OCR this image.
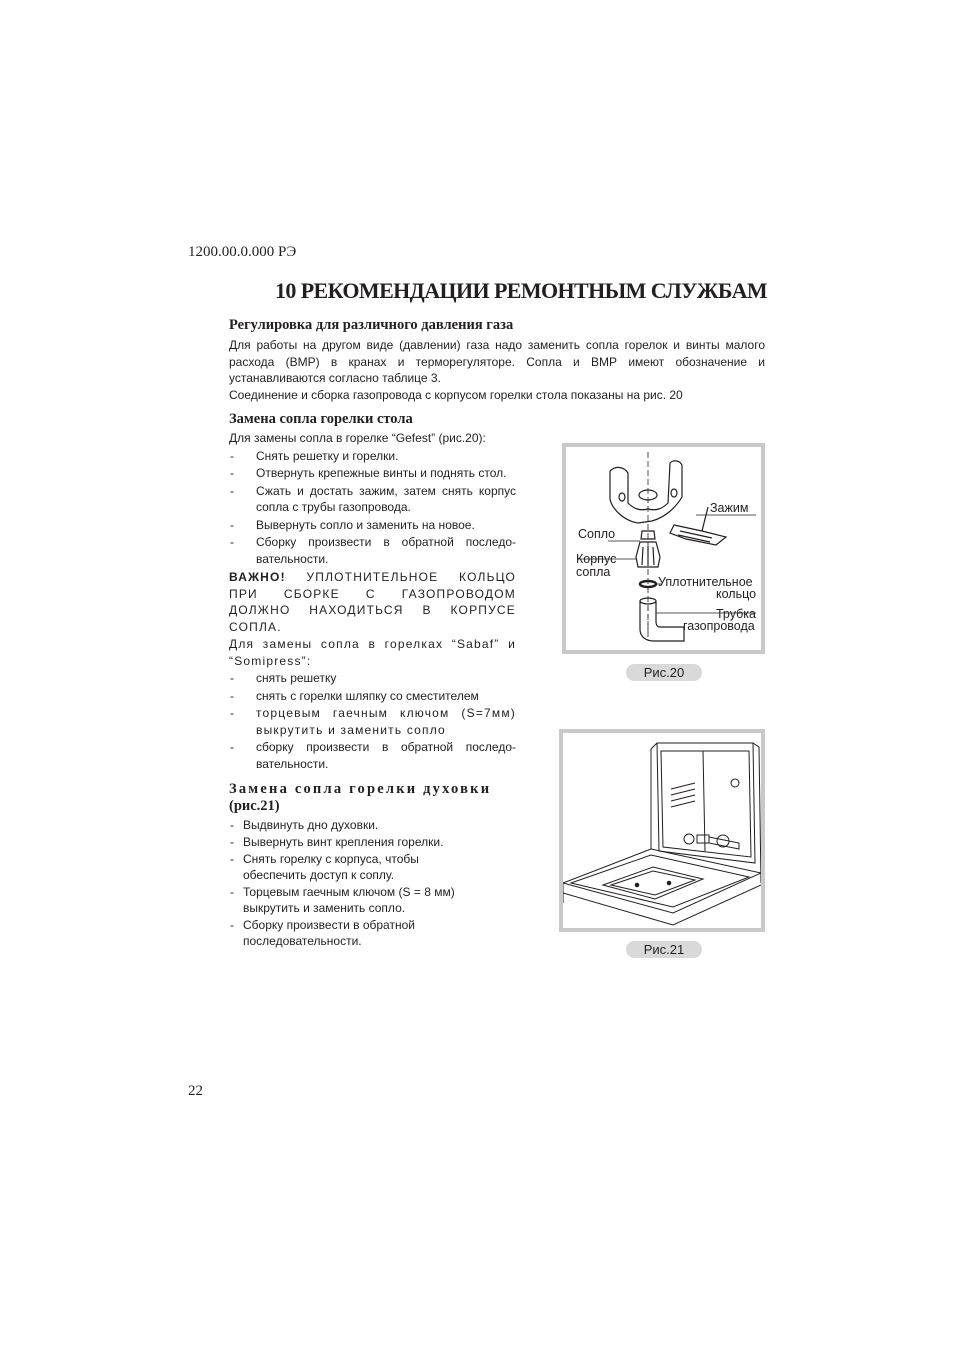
1200.00.0.000 РЭ
10 РЕКОМЕНДАЦИИ РЕМОНТНЫМ СЛУЖБАМ
Регулировка для различного давления газа
Для работы на другом виде (давлении) газа надо заменить сопла горелок и винты малого расхода (ВМР) в кранах и терморегуляторе. Сопла и ВМР имеют обозначение и устанавливаются согласно таблице 3.
Соединение и сборка газопровода с корпусом горелки стола показаны на рис. 20
Замена сопла горелки стола
Для замены сопла в горелке “Gefest” (рис.20):
- Снять решетку и горелки.
- Отвернуть крепежные винты и поднять стол.
- Сжать и достать зажим, затем снять корпус сопла с трубы газопровода.
- Вывернуть сопло и заменить на новое.
- Сборку произвести в обратной последо-вательности.
ВАЖНО! УПЛОТНИТЕЛЬНОЕ КОЛЬЦО ПРИ СБОРКЕ С ГАЗОПРОВОДОМ ДОЛЖНО НАХОДИТЬСЯ В КОРПУСЕ СОПЛА.
Для замены сопла в горелках “Sabaf” и “Somipress”:
- снять решетку
- снять с горелки шляпку со сместителем
- торцевым гаечным ключом (S=7мм) выкрутить и заменить сопло
- сборку произвести в обратной последо-вательности.
Замена сопла горелки духовки
(рис.21)
- Выдвинуть дно духовки.
- Вывернуть винт крепления горелки.
- Снять горелку с корпуса, чтобы обеспечить доступ к соплу.
- Торцевым гаечным ключом (S = 8 мм) выкрутить и заменить сопло.
- Сборку произвести в обратной последовательности.
Зажим
Сопло
Корпус
сопла
Уплотнительное
кольцо
Трубка
газопровода
Рис.20
Рис.21
22
